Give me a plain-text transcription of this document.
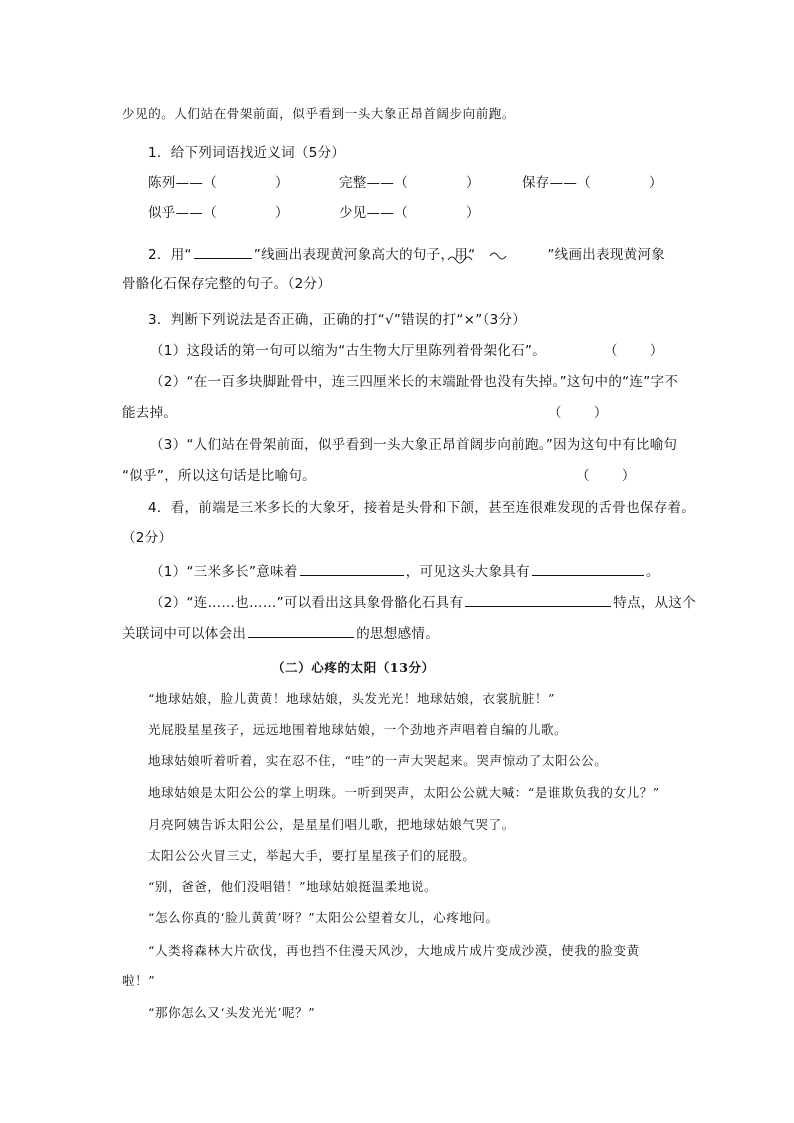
少见的。人们站在骨架前面，似乎看到一头大象正昂首阔步向前跑。
1．给下列词语找近义词（5分）
陈列——（	）	完整——（	）	保存——（	）
似乎——（	）	少见——（	）
2．用“	”线画出表现黄河象高大的句子，用“	”线画出表现黄河象
骨骼化石保存完整的句子。（2分）
3．判断下列说法是否正确，正确的打“√”错误的打“×”（3分）
（1）这段话的第一句可以缩为“古生物大厅里陈列着骨架化石”。	（ ）
（2）“在一百多块脚趾骨中，连三四厘米长的末端趾骨也没有失掉。”这句中的“连”字不
能去掉。	（ ）
（3）“人们站在骨架前面，似乎看到一头大象正昂首阔步向前跑。”因为这句中有比喻句
“似乎”，所以这句话是比喻句。	（ ）
4．看，前端是三米多长的大象牙，接着是头骨和下颌，甚至连很难发现的舌骨也保存着。
（2分）
（1）“三米多长”意味着	，可见这头大象具有	。
（2）“连……也……”可以看出这具象骨骼化石具有	特点，从这个
关联词中可以体会出	的思想感情。
（二）心疼的太阳（13分）
“地球姑娘，脸儿黄黄！地球姑娘，头发光光！地球姑娘，衣裳肮脏！”
光屁股星星孩子，远远地围着地球姑娘，一个劲地齐声唱着自编的儿歌。
地球姑娘听着听着，实在忍不住，“哇”的一声大哭起来。哭声惊动了太阳公公。
地球姑娘是太阳公公的掌上明珠。一听到哭声，太阳公公就大喊：“是谁欺负我的女儿？”
月亮阿姨告诉太阳公公，是星星们唱儿歌，把地球姑娘气哭了。
太阳公公火冒三丈，举起大手，要打星星孩子们的屁股。
“别，爸爸，他们没唱错！”地球姑娘挺温柔地说。
“怎么你真的‘脸儿黄黄’呀？”太阳公公望着女儿，心疼地问。
“人类将森林大片砍伐，再也挡不住漫天风沙，大地成片成片变成沙漠，使我的脸变黄
啦！”
“那你怎么又‘头发光光’呢？”
